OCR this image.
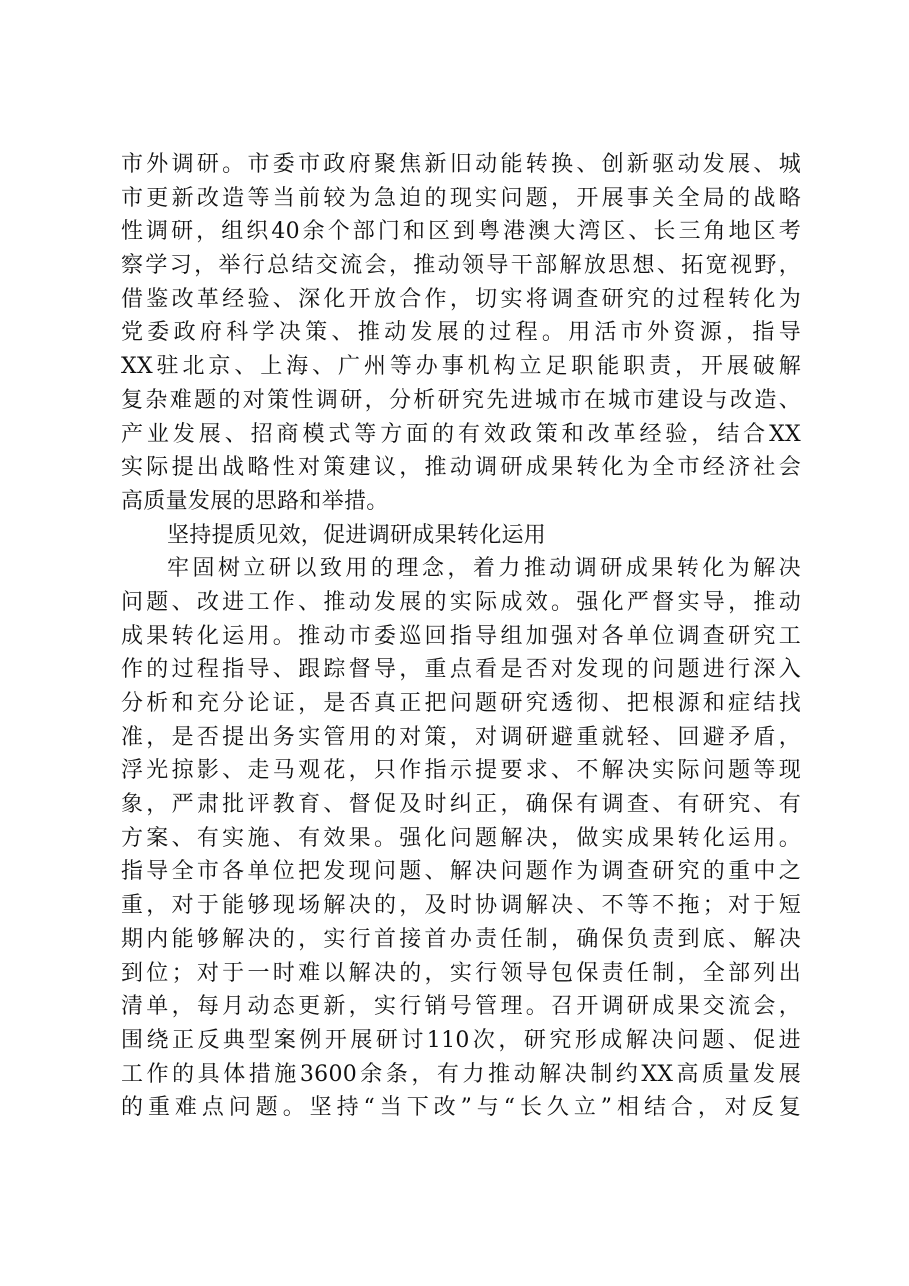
市外调研。市委市政府聚焦新旧动能转换、创新驱动发展、城
市更新改造等当前较为急迫的现实问题，开展事关全局的战略
性调研，组织40余个部门和区到粤港澳大湾区、长三角地区考
察学习，举行总结交流会，推动领导干部解放思想、拓宽视野，
借鉴改革经验、深化开放合作，切实将调查研究的过程转化为
党委政府科学决策、推动发展的过程。用活市外资源，指导
XX驻北京、上海、广州等办事机构立足职能职责，开展破解
复杂难题的对策性调研，分析研究先进城市在城市建设与改造、
产业发展、招商模式等方面的有效政策和改革经验，结合XX
实际提出战略性对策建议，推动调研成果转化为全市经济社会
高质量发展的思路和举措。
坚持提质见效，促进调研成果转化运用
牢固树立研以致用的理念，着力推动调研成果转化为解决
问题、改进工作、推动发展的实际成效。强化严督实导，推动
成果转化运用。推动市委巡回指导组加强对各单位调查研究工
作的过程指导、跟踪督导，重点看是否对发现的问题进行深入
分析和充分论证，是否真正把问题研究透彻、把根源和症结找
准，是否提出务实管用的对策，对调研避重就轻、回避矛盾，
浮光掠影、走马观花，只作指示提要求、不解决实际问题等现
象，严肃批评教育、督促及时纠正，确保有调查、有研究、有
方案、有实施、有效果。强化问题解决，做实成果转化运用。
指导全市各单位把发现问题、解决问题作为调查研究的重中之
重，对于能够现场解决的，及时协调解决、不等不拖；对于短
期内能够解决的，实行首接首办责任制，确保负责到底、解决
到位；对于一时难以解决的，实行领导包保责任制，全部列出
清单，每月动态更新，实行销号管理。召开调研成果交流会，
围绕正反典型案例开展研讨110次，研究形成解决问题、促进
工作的具体措施3600余条，有力推动解决制约XX高质量发展
的重难点问题。坚持“当下改”与“长久立”相结合，对反复
